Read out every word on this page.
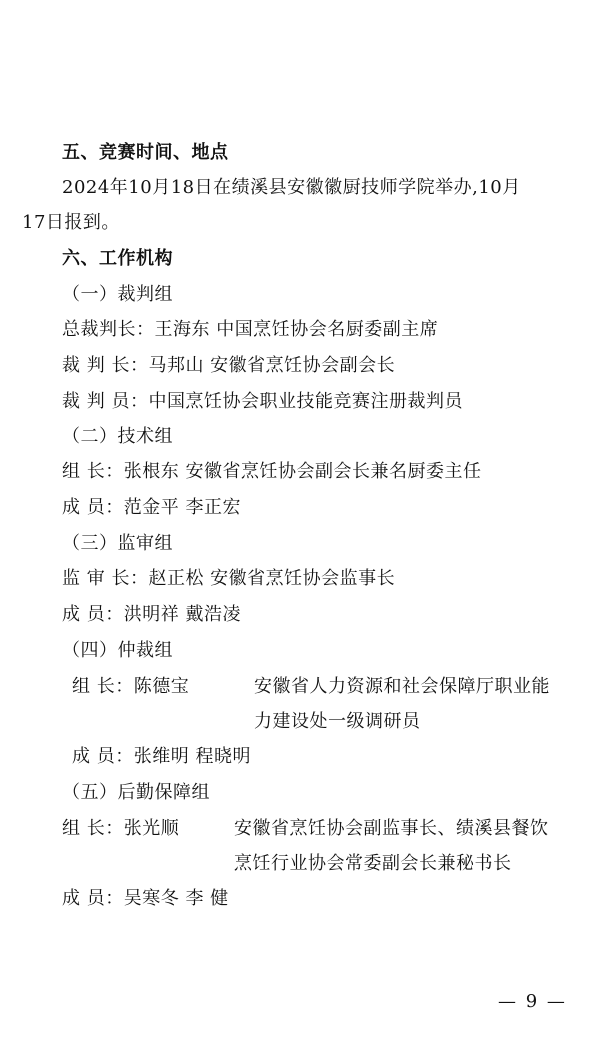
五、竞赛时间、地点
2024年10月18日在绩溪县安徽徽厨技师学院举办,10月
17日报到。
六、工作机构
（一）裁判组
总裁判长：王海东 中国烹饪协会名厨委副主席
裁 判 长：马邦山 安徽省烹饪协会副会长
裁 判 员：中国烹饪协会职业技能竞赛注册裁判员
（二）技术组
组 长：张根东 安徽省烹饪协会副会长兼名厨委主任
成 员：范金平 李正宏
（三）监审组
监 审 长：赵正松 安徽省烹饪协会监事长
成 员：洪明祥 戴浩凌
（四）仲裁组
组 长：陈德宝	安徽省人力资源和社会保障厅职业能
力建设处一级调研员
成 员：张维明 程晓明
（五）后勤保障组
组 长：张光顺	安徽省烹饪协会副监事长、绩溪县餐饮
烹饪行业协会常委副会长兼秘书长
成 员：吴寒冬 李 健
— 9 —
